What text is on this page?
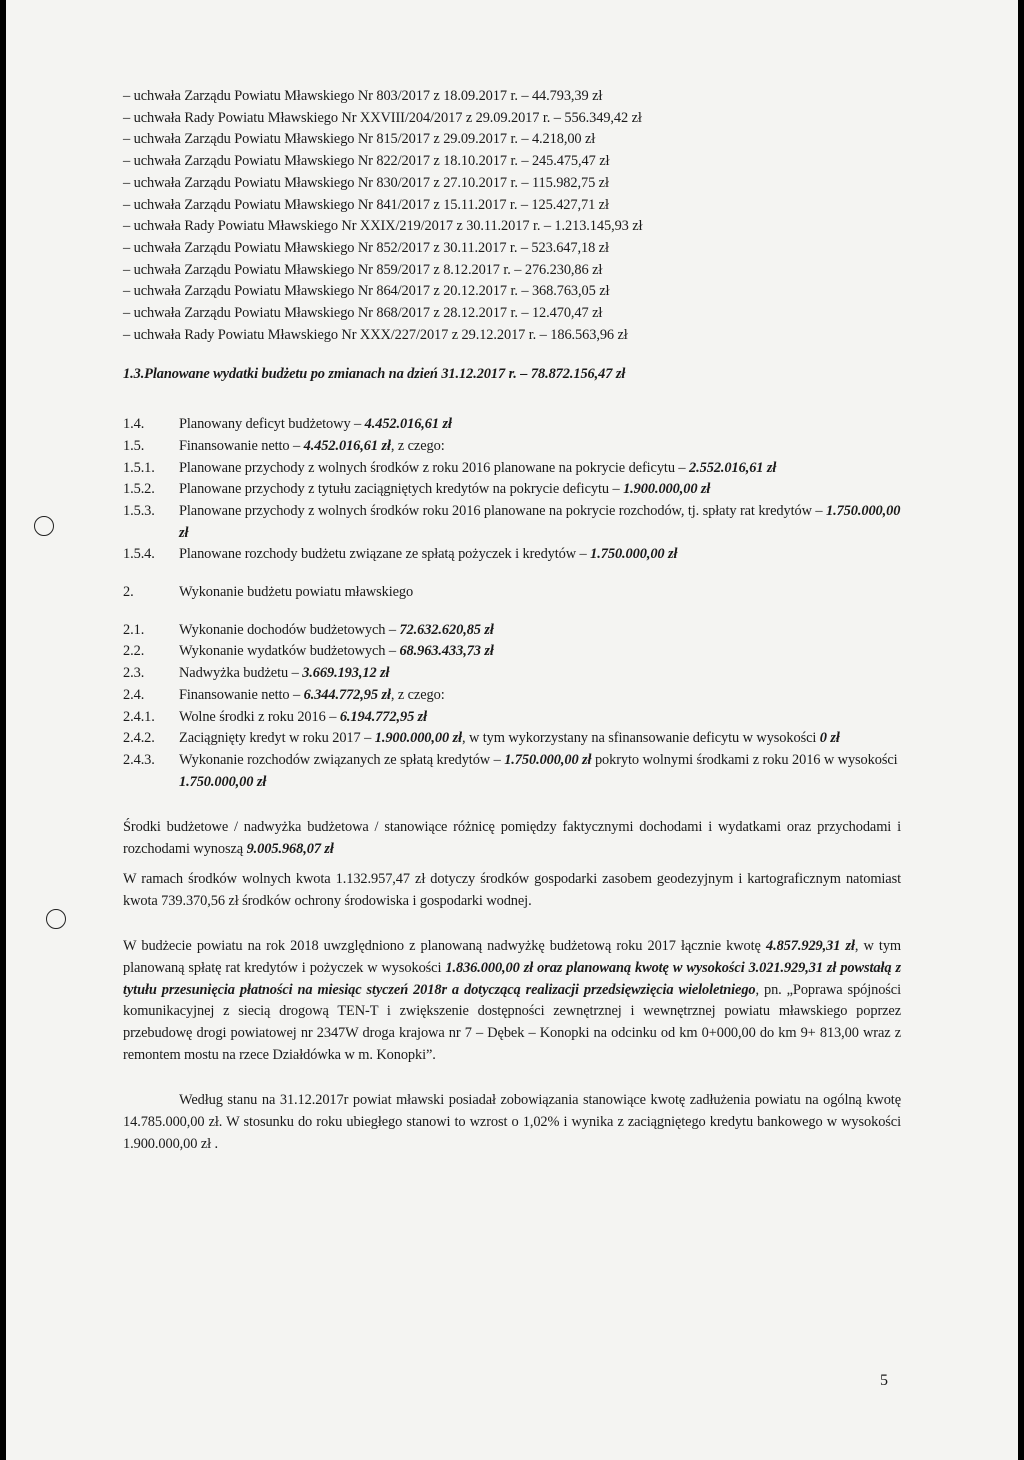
– uchwała Zarządu Powiatu Mławskiego Nr 803/2017 z 18.09.2017 r. – 44.793,39 zł

– uchwała Rady Powiatu Mławskiego Nr XXVIII/204/2017 z 29.09.2017 r. – 556.349,42 zł

– uchwała Zarządu Powiatu Mławskiego Nr 815/2017 z 29.09.2017 r. – 4.218,00 zł

– uchwała Zarządu Powiatu Mławskiego Nr 822/2017 z 18.10.2017 r. – 245.475,47 zł

– uchwała Zarządu Powiatu Mławskiego Nr 830/2017 z 27.10.2017 r. – 115.982,75 zł

– uchwała Zarządu Powiatu Mławskiego Nr 841/2017 z 15.11.2017 r. – 125.427,71 zł

– uchwała Rady Powiatu Mławskiego Nr XXIX/219/2017 z 30.11.2017 r. – 1.213.145,93 zł

– uchwała Zarządu Powiatu Mławskiego Nr 852/2017 z 30.11.2017 r. – 523.647,18 zł

– uchwała Zarządu Powiatu Mławskiego Nr 859/2017 z 8.12.2017 r. – 276.230,86 zł

– uchwała Zarządu Powiatu Mławskiego Nr 864/2017 z 20.12.2017 r. – 368.763,05 zł

– uchwała Zarządu Powiatu Mławskiego Nr 868/2017 z 28.12.2017 r. – 12.470,47 zł

– uchwała Rady Powiatu Mławskiego Nr XXX/227/2017 z 29.12.2017 r. – 186.563,96 zł

1.3.Planowane wydatki budżetu po zmianach na dzień 31.12.2017 r. – 78.872.156,47 zł

1.4.	Planowany deficyt budżetowy – 4.452.016,61 zł
1.5.	Finansowanie netto – 4.452.016,61 zł, z czego:
1.5.1.	Planowane przychody z wolnych środków z roku 2016 planowane na pokrycie deficytu – 2.552.016,61 zł
1.5.2.	Planowane przychody z tytułu zaciągniętych kredytów na pokrycie deficytu – 1.900.000,00 zł
1.5.3.	Planowane przychody z wolnych środków roku 2016 planowane na pokrycie rozchodów, tj. spłaty rat kredytów – 1.750.000,00 zł
1.5.4.	Planowane rozchody budżetu związane ze spłatą pożyczek i kredytów – 1.750.000,00 zł
2.	Wykonanie budżetu powiatu mławskiego
2.1.	Wykonanie dochodów budżetowych – 72.632.620,85 zł
2.2.	Wykonanie wydatków budżetowych – 68.963.433,73 zł
2.3.	Nadwyżka budżetu – 3.669.193,12 zł
2.4.	Finansowanie netto – 6.344.772,95 zł, z czego:
2.4.1.	Wolne środki z roku 2016 – 6.194.772,95 zł
2.4.2.	Zaciągnięty kredyt w roku 2017 – 1.900.000,00 zł, w tym wykorzystany na sfinansowanie deficytu w wysokości 0 zł
2.4.3.	Wykonanie rozchodów związanych ze spłatą kredytów – 1.750.000,00 zł pokryto wolnymi środkami z roku 2016 w wysokości 1.750.000,00 zł

Środki budżetowe / nadwyżka budżetowa / stanowiące różnicę pomiędzy faktycznymi dochodami i wydatkami oraz przychodami i rozchodami wynoszą 9.005.968,07 zł

W ramach środków wolnych kwota 1.132.957,47 zł dotyczy środków gospodarki zasobem geodezyjnym i kartograficznym natomiast kwota 739.370,56 zł środków ochrony środowiska i gospodarki wodnej.

W budżecie powiatu na rok 2018 uwzględniono z planowaną nadwyżkę budżetową roku 2017 łącznie kwotę 4.857.929,31 zł, w tym planowaną spłatę rat kredytów i pożyczek w wysokości 1.836.000,00 zł oraz planowaną kwotę w wysokości 3.021.929,31 zł powstałą z tytułu przesunięcia płatności na miesiąc styczeń 2018r a dotyczącą realizacji przedsięwzięcia wieloletniego, pn. „Poprawa spójności komunikacyjnej z siecią drogową TEN-T i zwiększenie dostępności zewnętrznej i wewnętrznej powiatu mławskiego poprzez przebudowę drogi powiatowej nr 2347W droga krajowa nr 7 – Dębek – Konopki na odcinku od km 0+000,00 do km 9+ 813,00 wraz z remontem mostu na rzece Działdówka w m. Konopki”.

Według stanu na 31.12.2017r powiat mławski posiadał zobowiązania stanowiące kwotę zadłużenia powiatu na ogólną kwotę 14.785.000,00 zł. W stosunku do roku ubiegłego stanowi to wzrost o 1,02% i wynika z zaciągniętego kredytu bankowego w wysokości 1.900.000,00 zł .

5
